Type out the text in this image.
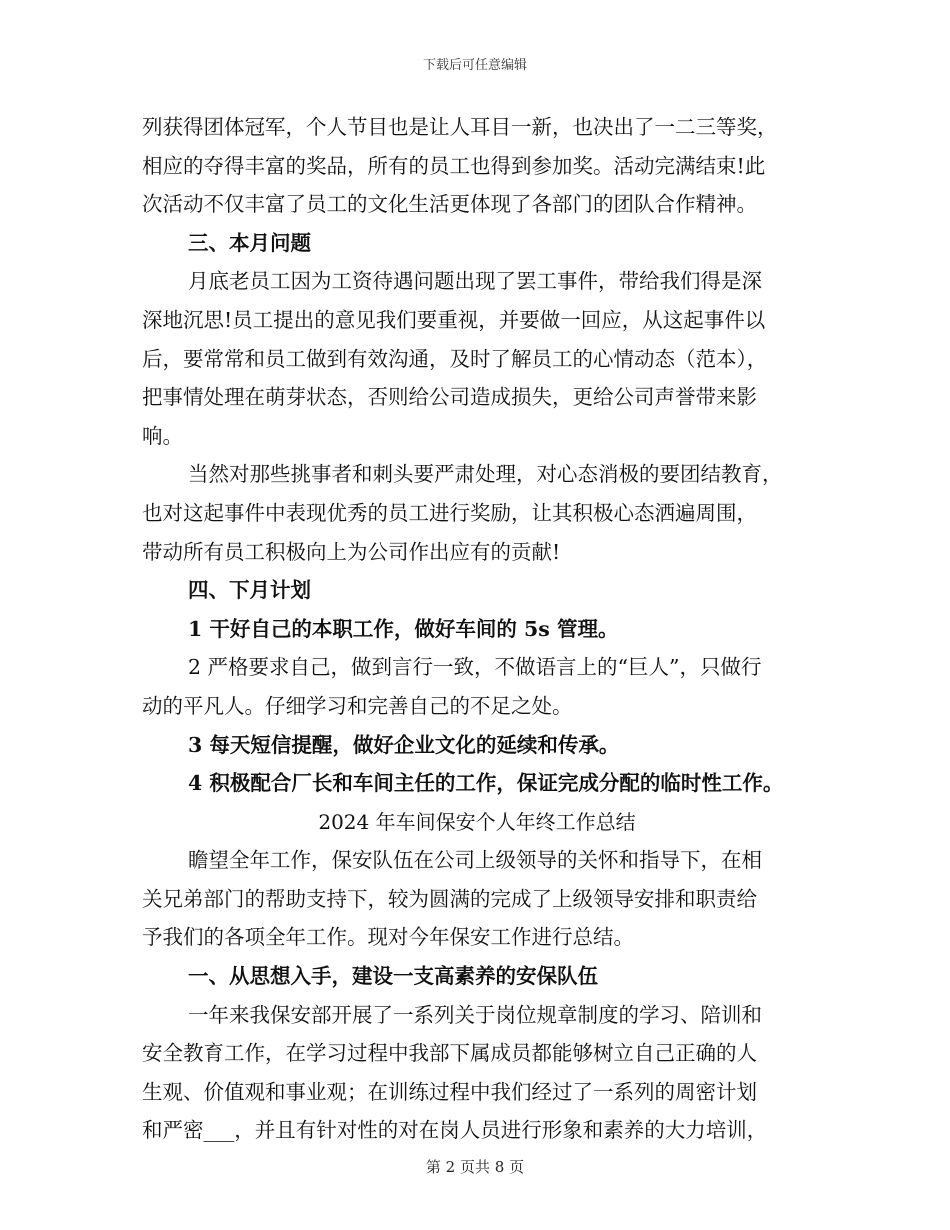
下载后可任意编辑
列获得团体冠军，个人节目也是让人耳目一新，也决出了一二三等奖，
相应的夺得丰富的奖品，所有的员工也得到参加奖。活动完满结束!此
次活动不仅丰富了员工的文化生活更体现了各部门的团队合作精神。
三、本月问题
月底老员工因为工资待遇问题出现了罢工事件，带给我们得是深
深地沉思!员工提出的意见我们要重视，并要做一回应，从这起事件以
后，要常常和员工做到有效沟通，及时了解员工的心情动态（范本），
把事情处理在萌芽状态，否则给公司造成损失，更给公司声誉带来影
响。
当然对那些挑事者和刺头要严肃处理，对心态消极的要团结教育，
也对这起事件中表现优秀的员工进行奖励，让其积极心态洒遍周围，
带动所有员工积极向上为公司作出应有的贡献!
四、下月计划
1 干好自己的本职工作，做好车间的 5s 管理。
2 严格要求自己，做到言行一致，不做语言上的“巨人”，只做行
动的平凡人。仔细学习和完善自己的不足之处。
3 每天短信提醒，做好企业文化的延续和传承。
4 积极配合厂长和车间主任的工作，保证完成分配的临时性工作。
2024 年车间保安个人年终工作总结
瞻望全年工作，保安队伍在公司上级领导的关怀和指导下，在相
关兄弟部门的帮助支持下，较为圆满的完成了上级领导安排和职责给
予我们的各项全年工作。现对今年保安工作进行总结。
一、从思想入手，建设一支高素养的安保队伍
一年来我保安部开展了一系列关于岗位规章制度的学习、陪训和
安全教育工作，在学习过程中我部下属成员都能够树立自己正确的人
生观、价值观和事业观；在训练过程中我们经过了一系列的周密计划
和严密___，并且有针对性的对在岗人员进行形象和素养的大力培训，
第 2 页共 8 页
